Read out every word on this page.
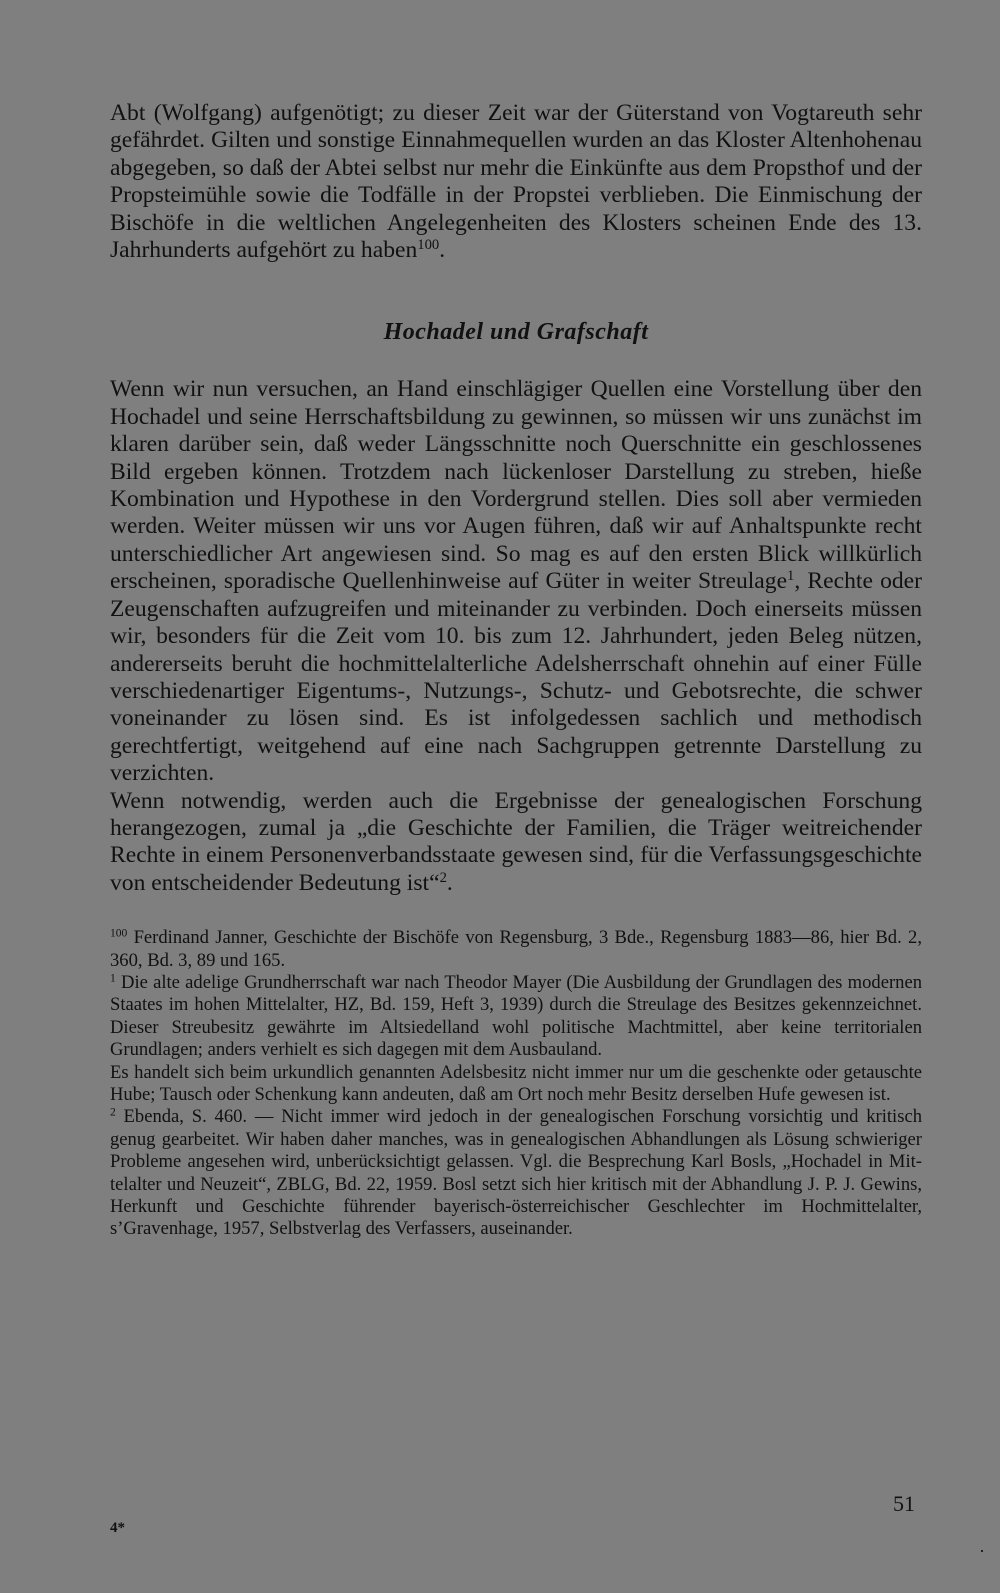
Abt (Wolfgang) aufgenötigt; zu dieser Zeit war der Güterstand von Vogtareuth sehr gefährdet. Gilten und sonstige Einnahmequellen wurden an das Kloster Altenhohenau abgegeben, so daß der Abtei selbst nur mehr die Einkünfte aus dem Propsthof und der Propsteimühle sowie die Todfälle in der Propstei verblieben. Die Einmischung der Bischöfe in die weltlichen Angelegenheiten des Klosters scheinen Ende des 13. Jahrhunderts aufgehört zu haben$^{100}$.

Hochadel und Grafschaft

Wenn wir nun versuchen, an Hand einschlägiger Quellen eine Vorstellung über den Hochadel und seine Herrschaftsbildung zu gewinnen, so müssen wir uns zunächst im klaren darüber sein, daß weder Längsschnitte noch Querschnitte ein geschlossenes Bild ergeben können. Trotzdem nach lückenloser Darstellung zu streben, hieße Kombination und Hypothese in den Vordergrund stellen. Dies soll aber vermieden werden. Weiter müssen wir uns vor Augen führen, daß wir auf Anhaltspunkte recht unterschiedlicher Art angewiesen sind. So mag es auf den ersten Blick willkürlich erscheinen, sporadische Quellenhinweise auf Güter in weiter Streulage$^1$, Rechte oder Zeugenschaften aufzugreifen und miteinander zu verbinden. Doch einerseits müssen wir, besonders für die Zeit vom 10. bis zum 12. Jahrhundert, jeden Beleg nützen, andererseits beruht die hochmittelalterliche Adelsherrschaft ohnehin auf einer Fülle verschiedenartiger Eigentums-, Nutzungs-, Schutz- und Gebotsrechte, die schwer voneinander zu lösen sind. Es ist infolgedessen sachlich und methodisch gerechtfertigt, weitgehend auf eine nach Sachgruppen getrennte Darstellung zu verzichten.

Wenn notwendig, werden auch die Ergebnisse der genealogischen Forschung herangezogen, zumal ja „die Geschichte der Familien, die Träger weitreichender Rechte in einem Personenverbandsstaate gewesen sind, für die Verfassungsgeschichte von entscheidender Bedeutung ist“$^2$.

$^{100}$ Ferdinand Janner, Geschichte der Bischöfe von Regensburg, 3 Bde., Regensburg 1883—86, hier Bd. 2, 360, Bd. 3, 89 und 165.

$^1$ Die alte adelige Grundherrschaft war nach Theodor Mayer (Die Ausbildung der Grundlagen des modernen Staates im hohen Mittelalter, HZ, Bd. 159, Heft 3, 1939) durch die Streulage des Besitzes gekennzeichnet. Dieser Streubesitz gewährte im Altsiedelland wohl politische Machtmittel, aber keine territorialen Grundlagen; anders verhielt es sich dagegen mit dem Ausbauland.

Es handelt sich beim urkundlich genannten Adelsbesitz nicht immer nur um die geschenkte oder getauschte Hube; Tausch oder Schenkung kann andeuten, daß am Ort noch mehr Besitz derselben Hufe gewesen ist.

$^2$ Ebenda, S. 460. — Nicht immer wird jedoch in der genealogischen Forschung vorsichtig und kritisch genug gearbeitet. Wir haben daher manches, was in genealogischen Abhandlungen als Lösung schwieriger Probleme angesehen wird, unberücksichtigt gelassen. Vgl. die Besprechung Karl Bosls, „Hochadel in Mittelalter und Neuzeit“, ZBLG, Bd. 22, 1959. Bosl setzt sich hier kritisch mit der Abhandlung J. P. J. Gewins, Herkunft und Geschichte führender bayerisch-österreichischer Geschlechter im Hochmittelalter, s’Gravenhage, 1957, Selbstverlag des Verfassers, auseinander.

51
4*
